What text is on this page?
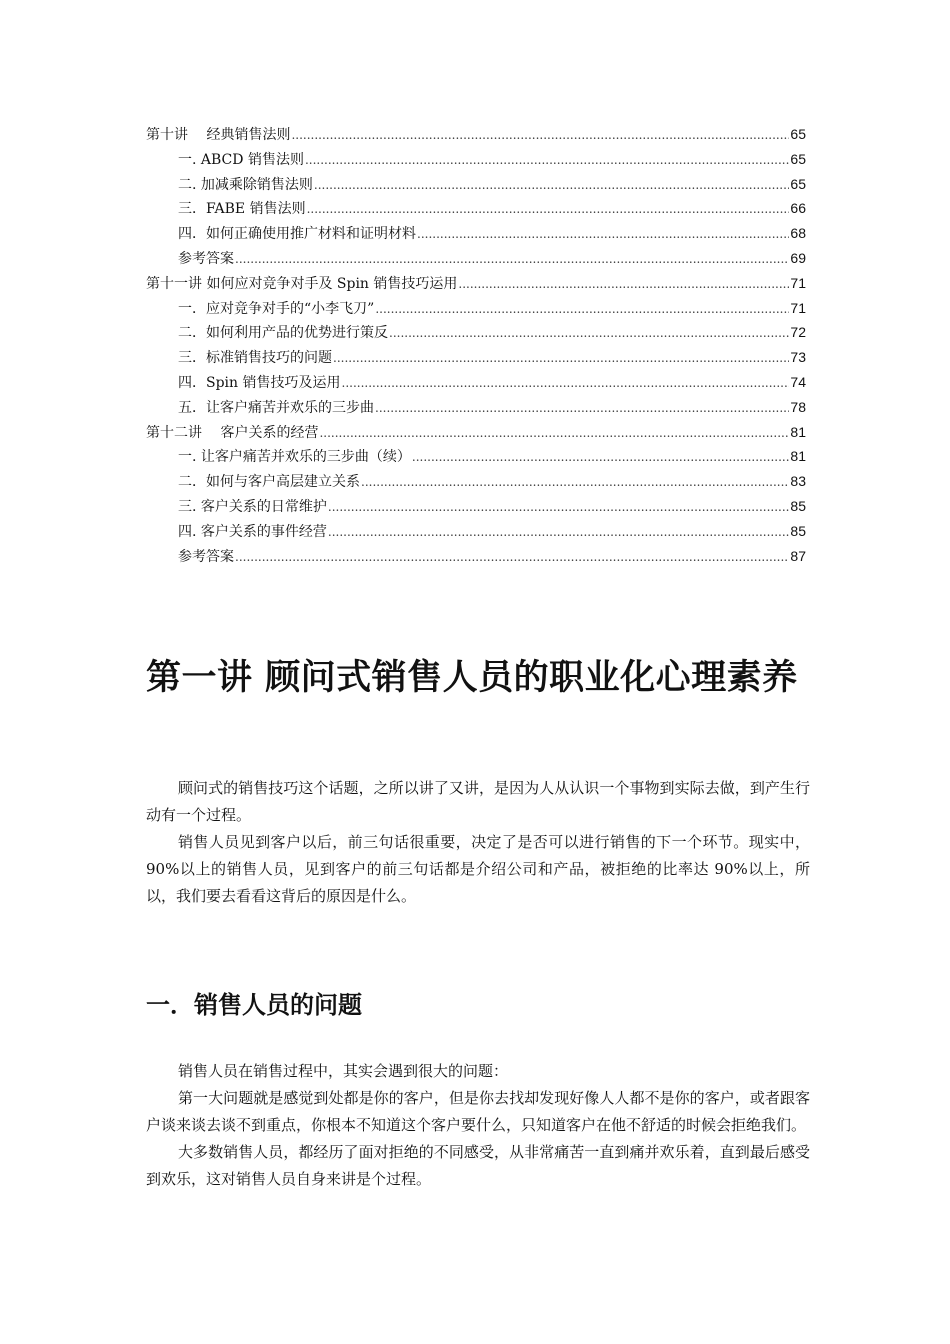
第十讲　 经典销售法则 .....	65
一. ABCD 销售法则 .....	65
二. 加减乘除销售法则 .....	65
三．FABE 销售法则 .....	66
四．如何正确使用推广材料和证明材料 .....	68
参考答案 .....	69
第十一讲 如何应对竞争对手及 Spin 销售技巧运用 .....	71
一．应对竞争对手的“小李飞刀” .....	71
二．如何利用产品的优势进行策反 .....	72
三．标准销售技巧的问题 .....	73
四．Spin 销售技巧及运用 .....	74
五．让客户痛苦并欢乐的三步曲 .....	78
第十二讲　 客户关系的经营 .....	81
一. 让客户痛苦并欢乐的三步曲（续） .....	81
二．如何与客户高层建立关系 .....	83
三. 客户关系的日常维护 .....	85
四. 客户关系的事件经营 .....	85
参考答案 .....	87
第一讲 顾问式销售人员的职业化心理素养

顾问式的销售技巧这个话题，之所以讲了又讲，是因为人从认识一个事物到实际去做，到产生行动有一个过程。

销售人员见到客户以后，前三句话很重要，决定了是否可以进行销售的下一个环节。现实中，90%以上的销售人员，见到客户的前三句话都是介绍公司和产品，被拒绝的比率达 90%以上，所以，我们要去看看这背后的原因是什么。

一．销售人员的问题

销售人员在销售过程中，其实会遇到很大的问题：

第一大问题就是感觉到处都是你的客户，但是你去找却发现好像人人都不是你的客户，或者跟客户谈来谈去谈不到重点，你根本不知道这个客户要什么，只知道客户在他不舒适的时候会拒绝我们。

大多数销售人员，都经历了面对拒绝的不同感受，从非常痛苦一直到痛并欢乐着，直到最后感受到欢乐，这对销售人员自身来讲是个过程。
